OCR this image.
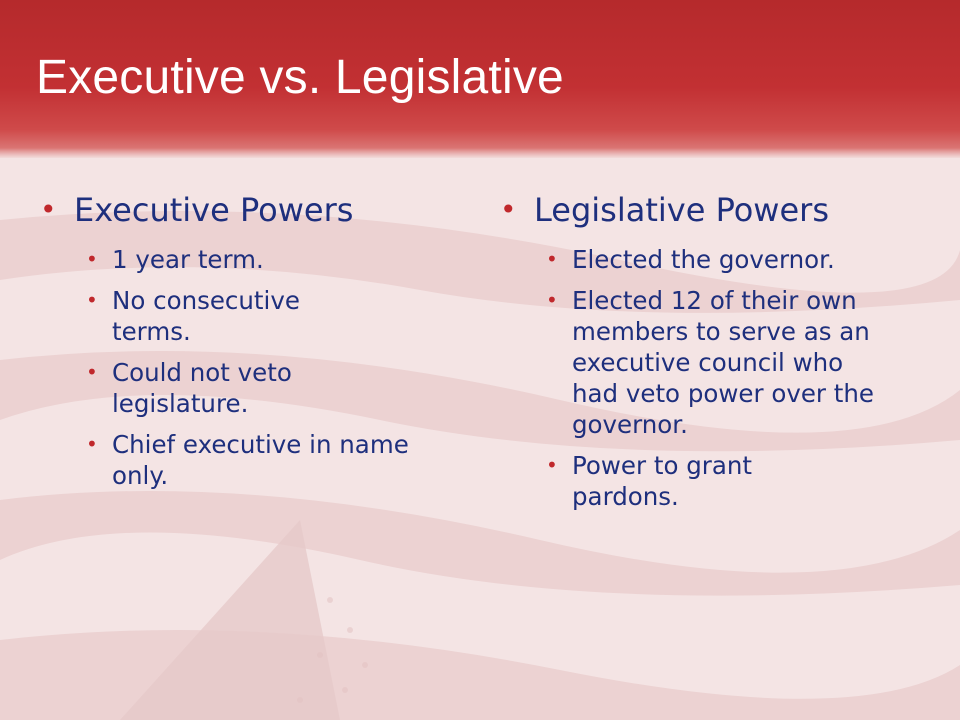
Executive vs. Legislative
• Executive Powers
• 1 year term.
• No consecutive terms.
• Could not veto legislature.
• Chief executive in name only.
• Legislative Powers
• Elected the governor.
• Elected 12 of their own members to serve as an executive council who had veto power over the governor.
• Power to grant pardons.
